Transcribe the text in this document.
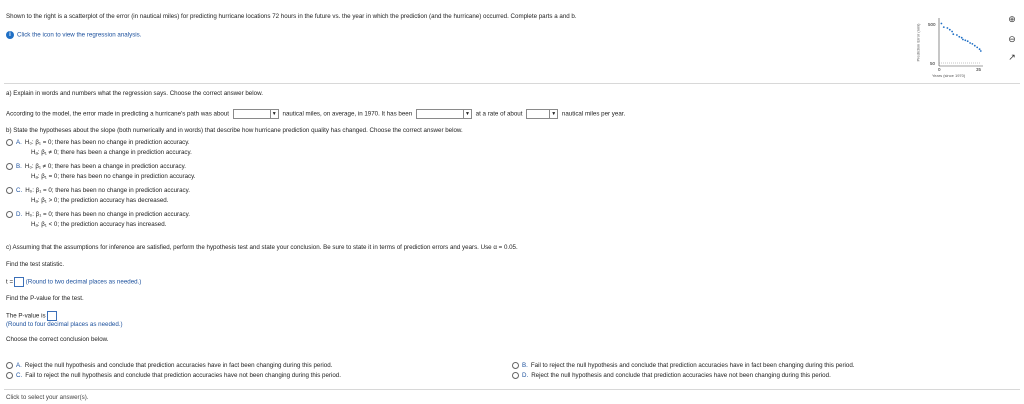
Shown to the right is a scatterplot of the error (in nautical miles) for predicting hurricane locations 72 hours in the future vs. the year in which the prediction (and the hurricane) occurred. Complete parts a and b.
i Click the icon to view the regression analysis.
500
50
0	35
Years (since 1970)
Prediction Error (nmi)
⊕
⊖
↗
a) Explain in words and numbers what the regression says. Choose the correct answer below.
According to the model, the error made in predicting a hurricane's path was about	▼ nautical miles, on average, in 1970. It has been	▼ at a rate of about	▼ nautical miles per year.
b) State the hypotheses about the slope (both numerically and in words) that describe how hurricane prediction quality has changed. Choose the correct answer below.
A. H₀: β₁ = 0; there has been no change in prediction accuracy.
Hₐ: β₁ ≠ 0; there has been a change in prediction accuracy.
B. H₀: β₁ ≠ 0; there has been a change in prediction accuracy.
Hₐ: β₁ = 0; there has been no change in prediction accuracy.
C. H₀: β₁ = 0; there has been no change in prediction accuracy.
Hₐ: β₁ > 0; the prediction accuracy has decreased.
D. H₀: β₁ = 0; there has been no change in prediction accuracy.
Hₐ: β₁ < 0; the prediction accuracy has increased.
c) Assuming that the assumptions for inference are satisfied, perform the hypothesis test and state your conclusion. Be sure to state it in terms of prediction errors and years. Use α = 0.05.
Find the test statistic.
t = (Round to two decimal places as needed.)
Find the P-value for the test.
The P-value is
(Round to four decimal places as needed.)
Choose the correct conclusion below.
A. Reject the null hypothesis and conclude that prediction accuracies have in fact been changing during this period.
C. Fail to reject the null hypothesis and conclude that prediction accuracies have not been changing during this period.
B. Fail to reject the null hypothesis and conclude that prediction accuracies have in fact been changing during this period.
D. Reject the null hypothesis and conclude that prediction accuracies have not been changing during this period.
Click to select your answer(s).
